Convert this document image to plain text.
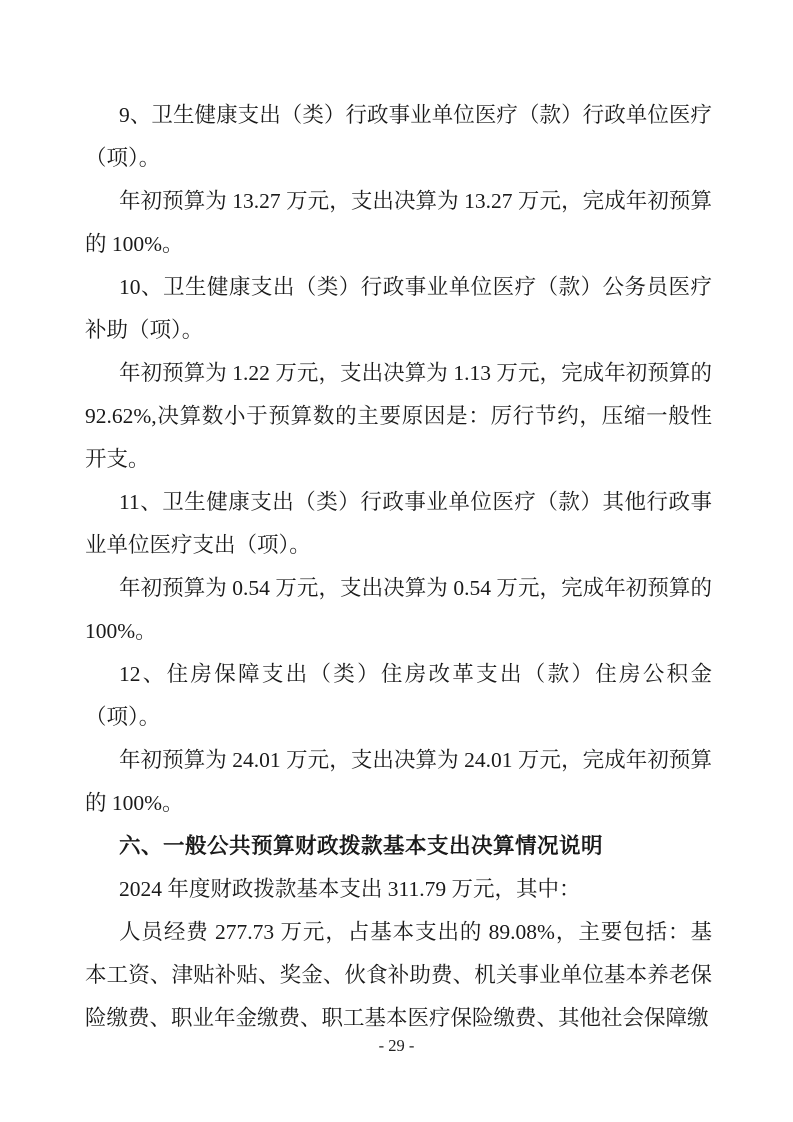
9、卫生健康支出（类）行政事业单位医疗（款）行政单位医疗（项）。

年初预算为 13.27 万元，支出决算为 13.27 万元，完成年初预算的 100%。

10、卫生健康支出（类）行政事业单位医疗（款）公务员医疗补助（项）。

年初预算为 1.22 万元，支出决算为 1.13 万元，完成年初预算的 92.62%,决算数小于预算数的主要原因是：厉行节约，压缩一般性开支。

11、卫生健康支出（类）行政事业单位医疗（款）其他行政事业单位医疗支出（项）。

年初预算为 0.54 万元，支出决算为 0.54 万元，完成年初预算的 100%。

12、住房保障支出（类）住房改革支出（款）住房公积金（项）。

年初预算为 24.01 万元，支出决算为 24.01 万元，完成年初预算的 100%。

六、一般公共预算财政拨款基本支出决算情况说明

2024 年度财政拨款基本支出 311.79 万元，其中：

人员经费 277.73 万元，占基本支出的 89.08%，主要包括：基本工资、津贴补贴、奖金、伙食补助费、机关事业单位基本养老保险缴费、职业年金缴费、职工基本医疗保险缴费、其他社会保障缴

- 29 -
